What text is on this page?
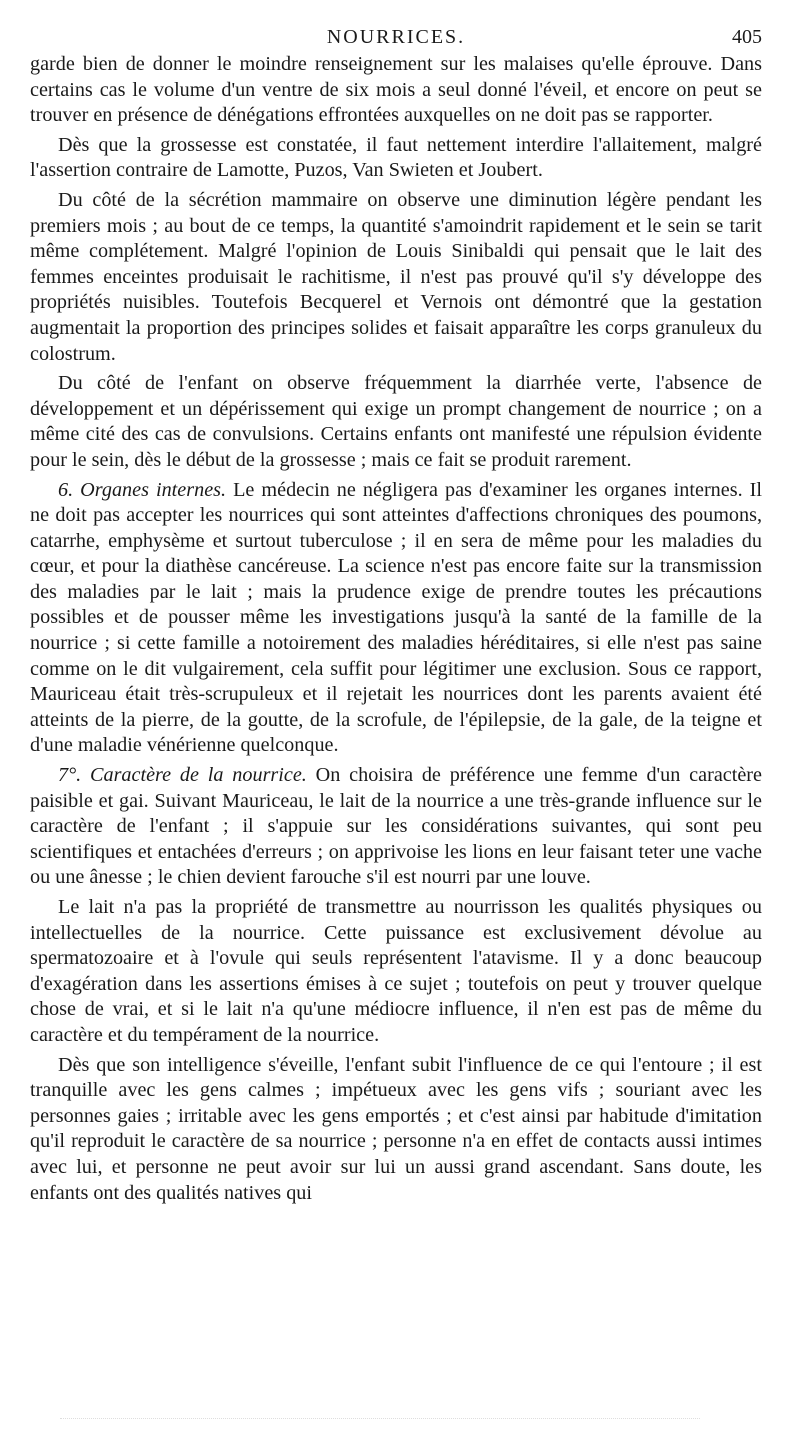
NOURRICES.	405

garde bien de donner le moindre renseignement sur les malaises qu'elle éprouve. Dans certains cas le volume d'un ventre de six mois a seul donné l'éveil, et encore on peut se trouver en présence de dénégations effrontées auxquelles on ne doit pas se rapporter.

Dès que la grossesse est constatée, il faut nettement interdire l'allaitement, malgré l'assertion contraire de Lamotte, Puzos, Van Swieten et Joubert.

Du côté de la sécrétion mammaire on observe une diminution légère pendant les premiers mois ; au bout de ce temps, la quantité s'amoindrit rapidement et le sein se tarit même complétement. Malgré l'opinion de Louis Sinibaldi qui pensait que le lait des femmes enceintes produisait le rachitisme, il n'est pas prouvé qu'il s'y développe des propriétés nuisibles. Toutefois Becquerel et Vernois ont démontré que la gestation augmentait la proportion des principes solides et faisait apparaître les corps granuleux du colostrum.

Du côté de l'enfant on observe fréquemment la diarrhée verte, l'absence de développement et un dépérissement qui exige un prompt changement de nourrice ; on a même cité des cas de convulsions. Certains enfants ont manifesté une répulsion évidente pour le sein, dès le début de la grossesse ; mais ce fait se produit rarement.

6. Organes internes. Le médecin ne négligera pas d'examiner les organes internes. Il ne doit pas accepter les nourrices qui sont atteintes d'affections chroniques des poumons, catarrhe, emphysème et surtout tuberculose ; il en sera de même pour les maladies du cœur, et pour la diathèse cancéreuse. La science n'est pas encore faite sur la transmission des maladies par le lait ; mais la prudence exige de prendre toutes les précautions possibles et de pousser même les investigations jusqu'à la santé de la famille de la nourrice ; si cette famille a notoirement des maladies héréditaires, si elle n'est pas saine comme on le dit vulgairement, cela suffit pour légitimer une exclusion. Sous ce rapport, Mauriceau était très-scrupuleux et il rejetait les nourrices dont les parents avaient été atteints de la pierre, de la goutte, de la scrofule, de l'épilepsie, de la gale, de la teigne et d'une maladie vénérienne quelconque.

7°. Caractère de la nourrice. On choisira de préférence une femme d'un caractère paisible et gai. Suivant Mauriceau, le lait de la nourrice a une très-grande influence sur le caractère de l'enfant ; il s'appuie sur les considérations suivantes, qui sont peu scientifiques et entachées d'erreurs ; on apprivoise les lions en leur faisant teter une vache ou une ânesse ; le chien devient farouche s'il est nourri par une louve.

Le lait n'a pas la propriété de transmettre au nourrisson les qualités physiques ou intellectuelles de la nourrice. Cette puissance est exclusivement dévolue au spermatozoaire et à l'ovule qui seuls représentent l'atavisme. Il y a donc beaucoup d'exagération dans les assertions émises à ce sujet ; toutefois on peut y trouver quelque chose de vrai, et si le lait n'a qu'une médiocre influence, il n'en est pas de même du caractère et du tempérament de la nourrice.

Dès que son intelligence s'éveille, l'enfant subit l'influence de ce qui l'entoure ; il est tranquille avec les gens calmes ; impétueux avec les gens vifs ; souriant avec les personnes gaies ; irritable avec les gens emportés ; et c'est ainsi par habitude d'imitation qu'il reproduit le caractère de sa nourrice ; personne n'a en effet de contacts aussi intimes avec lui, et personne ne peut avoir sur lui un aussi grand ascendant. Sans doute, les enfants ont des qualités natives qui
